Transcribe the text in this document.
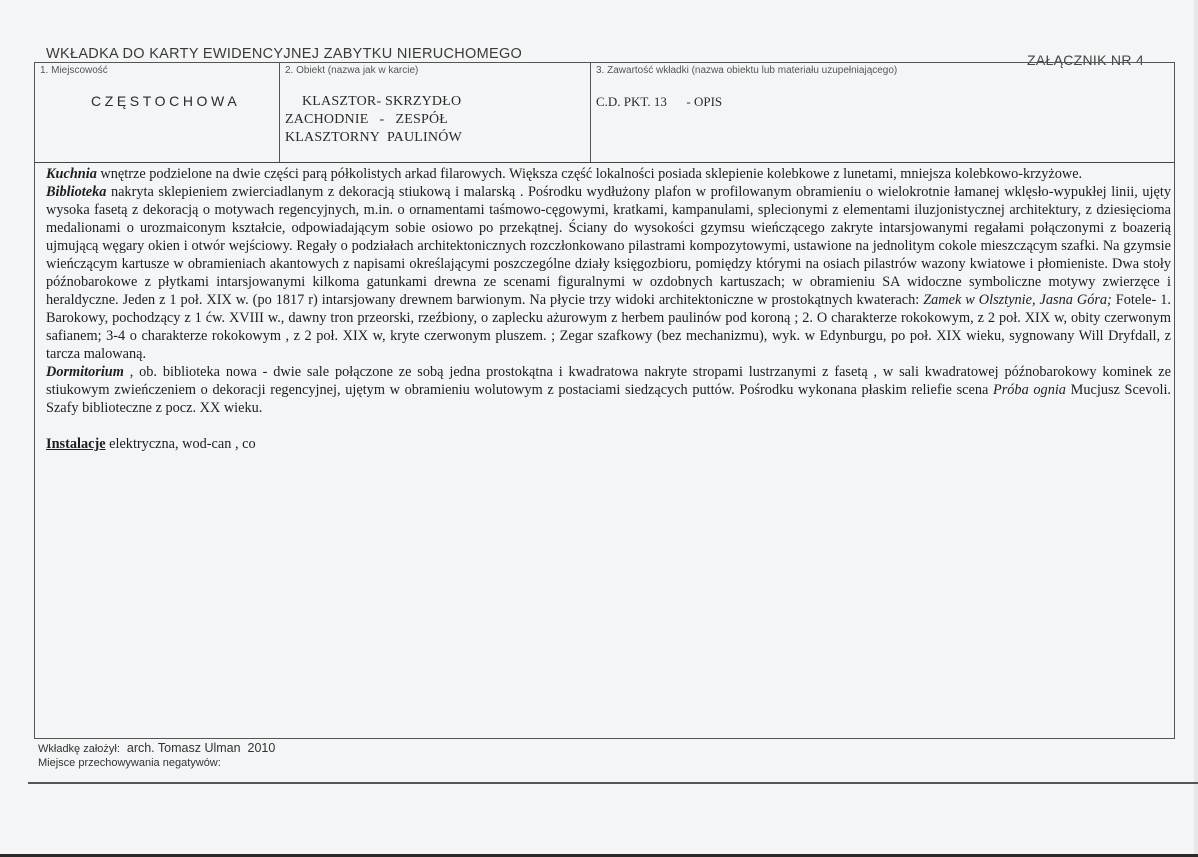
WKŁADKA DO KARTY EWIDENCYJNEJ ZABYTKU NIERUCHOMEGO	ZAŁĄCZNIK NR 4
1. Miejscowość
CZĘSTOCHOWA
2. Obiekt (nazwa jak w karcie)
KLASZTOR- SKRZYDŁO
ZACHODNIE   -   ZESPÓŁ
KLASZTORNY  PAULINÓW
3. Zawartość wkładki (nazwa obiektu lub materiału uzupełniającego)
C.D. PKT. 13      - OPIS

Kuchnia wnętrze podzielone na dwie części parą półkolistych arkad filarowych. Większa część lokalności posiada sklepienie kolebkowe z lunetami, mniejsza kolebkowo-krzyżowe.

Biblioteka nakryta sklepieniem zwierciadlanym z dekoracją stiukową i malarską . Pośrodku wydłużony plafon w profilowanym obramieniu o wielokrotnie łamanej wklęsło-wypukłej linii, ujęty wysoka fasetą z dekoracją o motywach regencyjnych, m.in. o ornamentami taśmowo-cęgowymi, kratkami, kampanulami, splecionymi z elementami iluzjonistycznej architektury, z dziesięcioma medalionami o urozmaiconym kształcie, odpowiadającym sobie osiowo po przekątnej. Ściany do wysokości gzymsu wieńczącego zakryte intarsjowanymi regałami połączonymi z boazerią ujmującą węgary okien i otwór wejściowy. Regały o podziałach architektonicznych rozczłonkowano pilastrami kompozytowymi, ustawione na jednolitym cokole mieszczącym szafki. Na gzymsie wieńczącym kartusze w obramieniach akantowych z napisami określającymi poszczególne działy księgozbioru, pomiędzy którymi na osiach pilastrów wazony kwiatowe i płomieniste. Dwa stoły późnobarokowe z płytkami intarsjowanymi kilkoma gatunkami drewna ze scenami figuralnymi w ozdobnych kartuszach; w obramieniu SA widoczne symboliczne motywy zwierzęce i heraldyczne. Jeden z 1 poł. XIX w. (po 1817 r) intarsjowany drewnem barwionym. Na płycie trzy widoki architektoniczne w prostokątnych kwaterach: Zamek w Olsztynie, Jasna Góra; Fotele- 1. Barokowy, pochodzący z 1 ćw. XVIII w., dawny tron przeorski, rzeźbiony, o zaplecku ażurowym z herbem paulinów pod koroną ; 2. O charakterze rokokowym, z 2 poł. XIX w, obity czerwonym safianem; 3-4 o charakterze rokokowym , z 2 poł. XIX w, kryte czerwonym pluszem. ; Zegar szafkowy (bez mechanizmu), wyk. w Edynburgu, po poł. XIX wieku, sygnowany Will Dryfdall, z tarcza malowaną.

Dormitorium , ob. biblioteka nowa - dwie sale połączone ze sobą jedna prostokątna i kwadratowa nakryte stropami lustrzanymi z fasetą , w sali kwadratowej późnobarokowy kominek ze stiukowym zwieńczeniem o dekoracji regencyjnej, ujętym w obramieniu wolutowym z postaciami siedzących puttów. Pośrodku wykonana płaskim reliefie scena Próba ognia Mucjusz Scevoli. Szafy biblioteczne z pocz. XX wieku.

Instalacje elektryczna, wod-can , co

Wkładkę założył:  arch. Tomasz Ulman  2010
Miejsce przechowywania negatywów:
